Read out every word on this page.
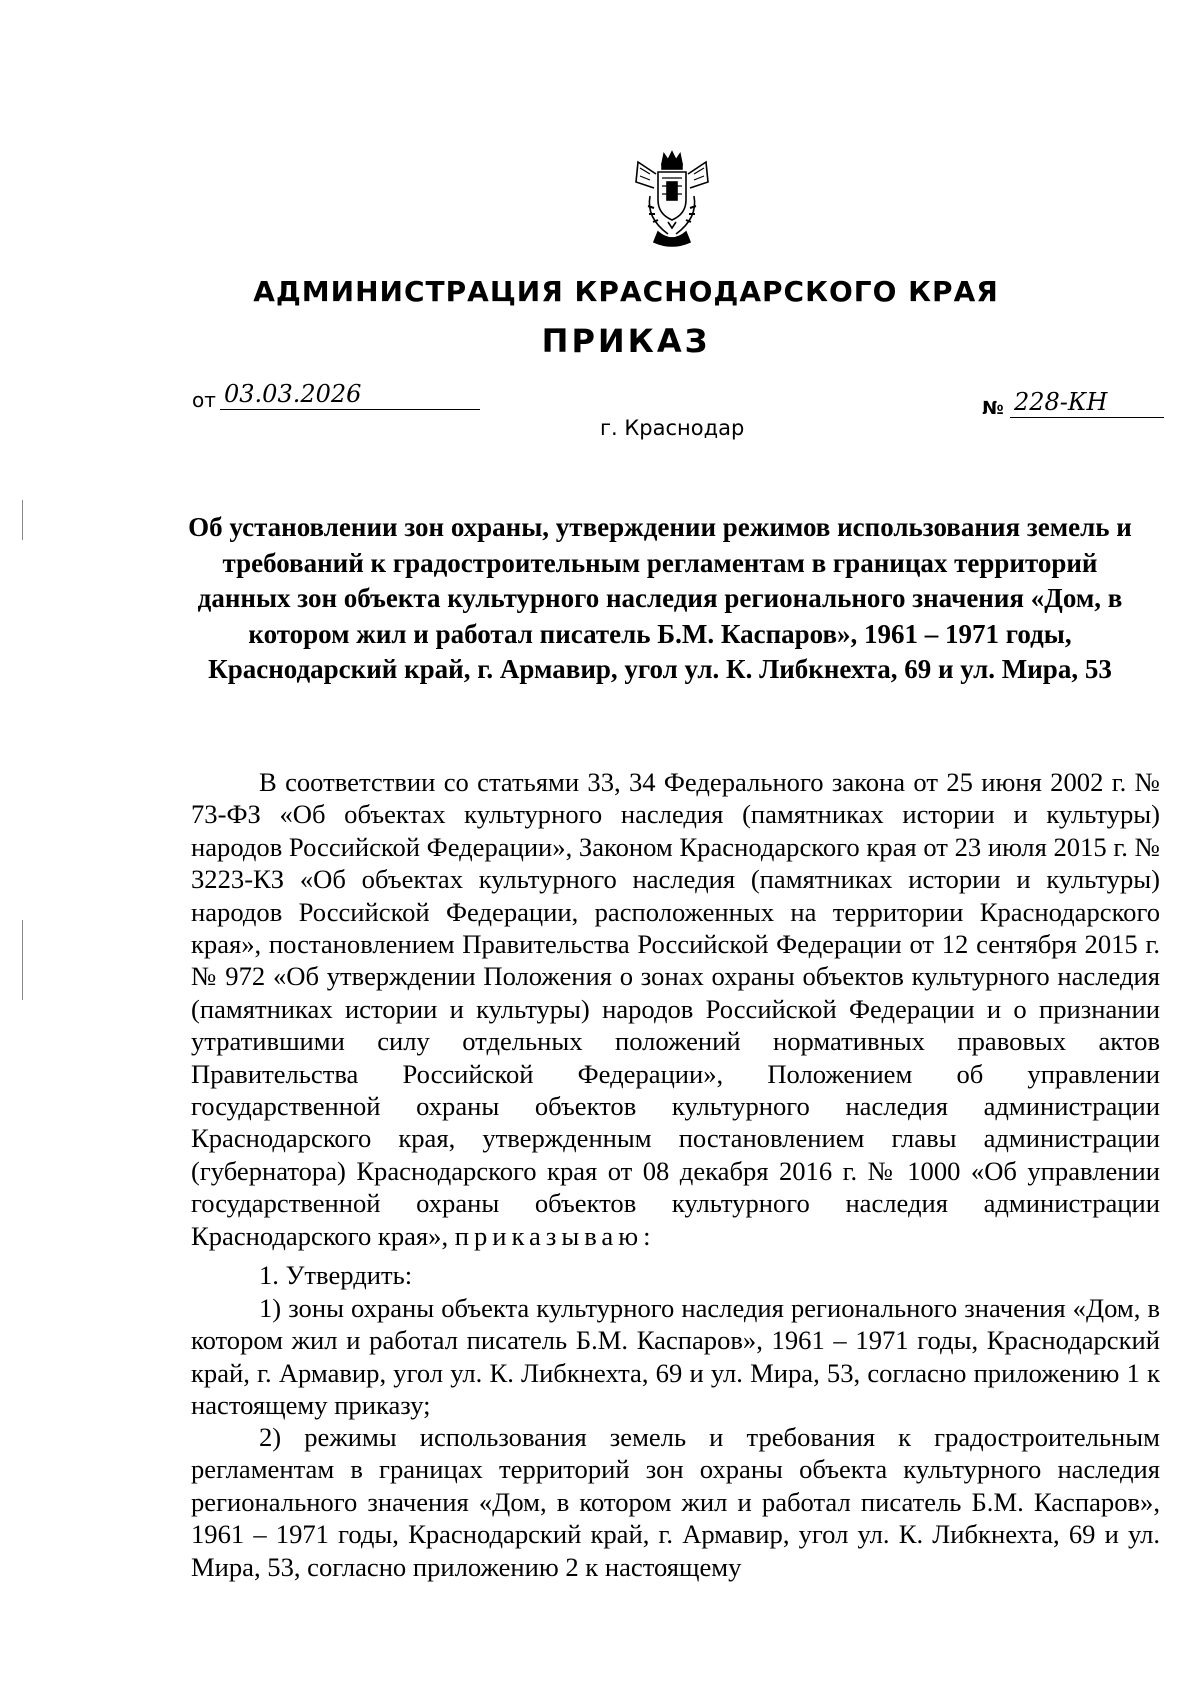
АДМИНИСТРАЦИЯ КРАСНОДАРСКОГО КРАЯ
ПРИКАЗ
от 03.03.2026
г. Краснодар
№ 228-КН
Об установлении зон охраны, утверждении режимов использования земель и требований к градостроительным регламентам в границах территорий данных зон объекта культурного наследия регионального значения «Дом, в котором жил и работал писатель Б.М. Каспаров», 1961 – 1971 годы, Краснодарский край, г. Армавир, угол ул. К. Либкнехта, 69 и ул. Мира, 53

В соответствии со статьями 33, 34 Федерального закона от 25 июня 2002 г. № 73-ФЗ «Об объектах культурного наследия (памятниках истории и культуры) народов Российской Федерации», Законом Краснодарского края от 23 июля 2015 г. № 3223-КЗ «Об объектах культурного наследия (памятниках истории и культуры) народов Российской Федерации, расположенных на территории Краснодарского края», постановлением Правительства Российской Федерации от 12 сентября 2015 г. № 972 «Об утверждении Положения о зонах охраны объектов культурного наследия (памятниках истории и культуры) народов Российской Федерации и о признании утратившими силу отдельных положений нормативных правовых актов Правительства Российской Федерации», Положением об управлении государственной охраны объектов культурного наследия администрации Краснодарского края, утвержденным постановлением главы администрации (губернатора) Краснодарского края от 08 декабря 2016 г. № 1000 «Об управлении государственной охраны объектов культурного наследия администрации Краснодарского края», приказываю:

1. Утвердить:

1) зоны охраны объекта культурного наследия регионального значения «Дом, в котором жил и работал писатель Б.М. Каспаров», 1961 – 1971 годы, Краснодарский край, г. Армавир, угол ул. К. Либкнехта, 69 и ул. Мира, 53, согласно приложению 1 к настоящему приказу;

2) режимы использования земель и требования к градостроительным регламентам в границах территорий зон охраны объекта культурного наследия регионального значения «Дом, в котором жил и работал писатель Б.М. Каспаров», 1961 – 1971 годы, Краснодарский край, г. Армавир, угол ул. К. Либкнехта, 69 и ул. Мира, 53, согласно приложению 2 к настоящему
